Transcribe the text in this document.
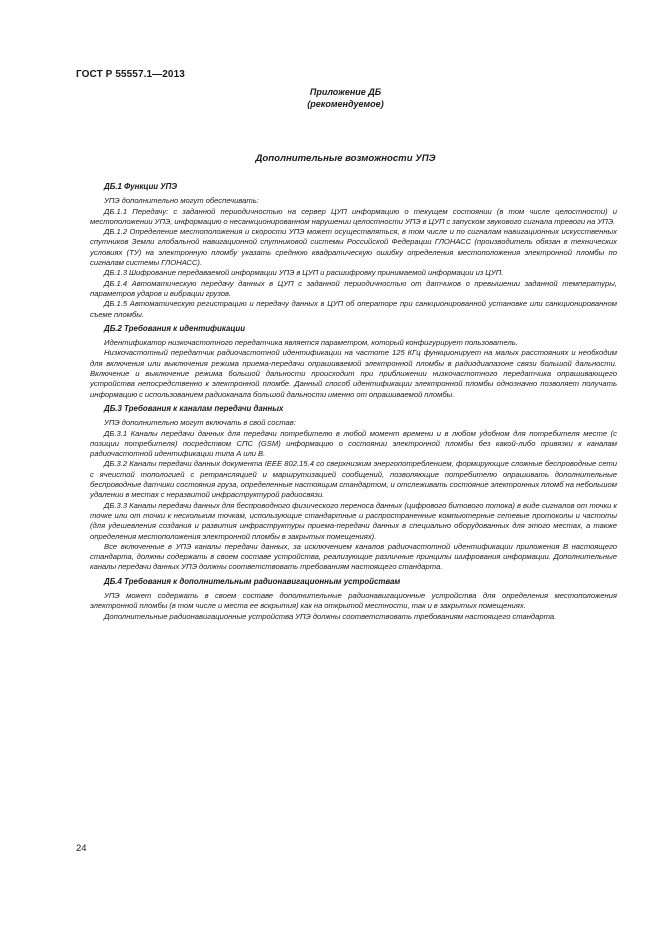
ГОСТ Р 55557.1—2013
Приложение ДБ
(рекомендуемое)
Дополнительные возможности УПЭ
ДБ.1 Функции УПЭ

УПЭ дополнительно могут обеспечивать:

ДБ.1.1 Передачу: с заданной периодичностью на сервер ЦУП информацию о текущем состоянии (в том числе целостности) и местоположении УПЭ, информацию о несанкционированном нарушении целостности УПЭ в ЦУП с запуском звукового сигнала тревоги на УПЭ.

ДБ.1.2 Определение местоположения и скорости УПЭ может осуществляться, в том числе и по сигналам навигационных искусственных спутников Земли глобальной навигационной спутниковой системы Российской Федерации ГЛОНАСС (производитель обязан в технических условиях (ТУ) на электронную пломбу указать среднюю квадратическую ошибку определения местоположения электронной пломбы по сигналам системы ГЛОНАСС).

ДБ.1.3 Шифрование передаваемой информации УПЭ в ЦУП и расшифровку принимаемой информации из ЦУП.

ДБ.1.4 Автоматическую передачу данных в ЦУП с заданной периодичностью от датчиков о превышении заданной температуры, параметров ударов и вибрации грузов.

ДБ.1.5 Автоматическую регистрацию и передачу данных в ЦУП об операторе при санкционированной установке или санкционированном съеме пломбы.

ДБ.2 Требования к идентификации

Идентификатор низкочастотного передатчика является параметром, который конфигурирует пользователь.

Низкочастотный передатчик радиочастотной идентификации на частоте 125 КГц функционирует на малых расстояниях и необходим для включения или выключения режима приема-передачи опрашиваемой электронной пломбы в радиодиапазоне связи большой дальности. Включение и выключение режима большой дальности происходит при приближении низкочастотного передатчика опрашивающего устройства непосредственно к электронной пломбе. Данный способ идентификации электронной пломбы однозначно позволяет получать информацию с использованием радиоканала большой дальности именно от опрашиваемой пломбы.

ДБ.3 Требования к каналам передачи данных

УПЭ дополнительно могут включать в свой состав:

ДБ.3.1 Каналы передачи данных для передачи потребителю в любой момент времени и в любом удобном для потребителя месте (с позиции потребителя) посредством СПС (GSM) информацию о состоянии электронной пломбы без какой-либо привязки к каналам радиочастотной идентификации типа А или В.

ДБ.3.2 Каналы передачи данных документа IEEE 802.15.4 со сверхнизким энергопотреблением, формирующие сложные беспроводные сети с ячеистой топологией с ретрансляцией и маршрутизацией сообщений, позволяющие потребителю опрашивать дополнительные беспроводные датчики состояния груза, определенные настоящим стандартом, и отслеживать состояние электронных пломб на небольшом удалении в местах с неразвитой инфраструктурой радиосвязи.

ДБ.3.3 Каналы передачи данных для беспроводного физического переноса данных (цифрового битового потока) в виде сигналов от точки к точке или от точки к нескольким точкам, использующие стандартные и распространенные компьютерные сетевые протоколы и частоты (для удешевления создания и развития инфраструктуры приема-передачи данных в специально оборудованных для этого местах, а также определения местоположения электронной пломбы в закрытых помещениях).

Все включенные в УПЭ каналы передачи данных, за исключением каналов радиочастотной идентификации приложения В настоящего стандарта, должны содержать в своем составе устройства, реализующие различные принципы шифрования информации. Дополнительные каналы передачи данных УПЭ должны соответствовать требованиям настоящего стандарта.

ДБ.4 Требования к дополнительным радионавигационным устройствам

УПЭ может содержать в своем составе дополнительные радионавигационные устройства для определения местоположения электронной пломбы (в том числе и места ее вскрытия) как на открытой местности, так и в закрытых помещениях.

Дополнительные радионавигационные устройства УПЭ должны соответствовать требованиям настоящего стандарта.

24
